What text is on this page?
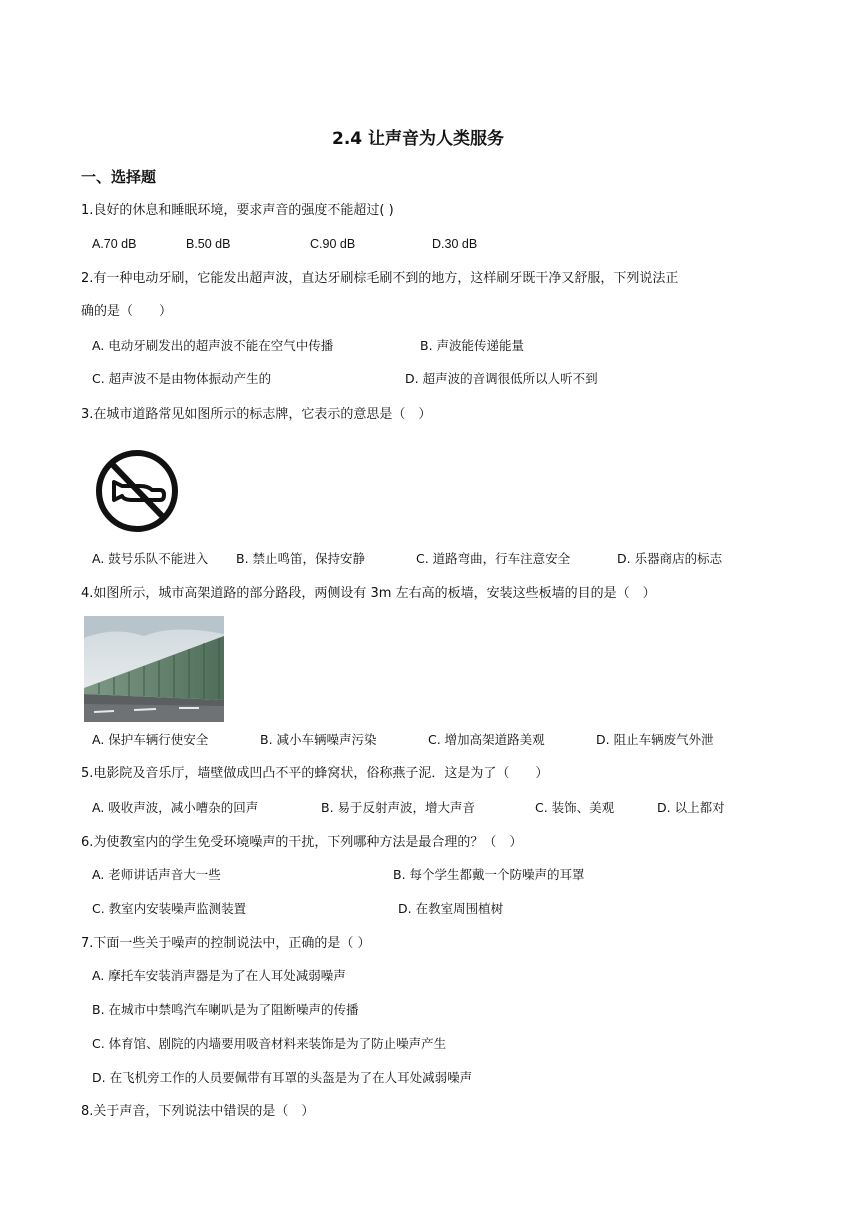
2.4 让声音为人类服务
一、选择题
1.良好的休息和睡眠环境，要求声音的强度不能超过( )
A.70 dB	B.50 dB	C.90 dB	D.30 dB
2.有一种电动牙刷，它能发出超声波，直达牙刷棕毛刷不到的地方，这样刷牙既干净又舒服，下列说法正
确的是（　　）
A. 电动牙刷发出的超声波不能在空气中传播	B. 声波能传递能量
C. 超声波不是由物体振动产生的	D. 超声波的音调很低所以人听不到
3.在城市道路常见如图所示的标志牌，它表示的意思是（　）
A. 鼓号乐队不能进入 B. 禁止鸣笛，保持安静	C. 道路弯曲，行车注意安全	D. 乐器商店的标志
4.如图所示，城市高架道路的部分路段，两侧设有 3m 左右高的板墙，安装这些板墙的目的是（　）
A. 保护车辆行使安全	B. 减小车辆噪声污染	C. 增加高架道路美观	D. 阻止车辆废气外泄
5.电影院及音乐厅，墙壁做成凹凸不平的蜂窝状，俗称燕子泥．这是为了（　　）
A. 吸收声波，减小嘈杂的回声	B. 易于反射声波，增大声音	C. 装饰、美观	D. 以上都对
6.为使教室内的学生免受环境噪声的干扰，下列哪种方法是最合理的？（　）
A. 老师讲话声音大一些	B. 每个学生都戴一个防噪声的耳罩
C. 教室内安装噪声监测装置	D. 在教室周围植树
7.下面一些关于噪声的控制说法中，正确的是（ ）
A. 摩托车安装消声器是为了在人耳处减弱噪声
B. 在城市中禁鸣汽车喇叭是为了阻断噪声的传播
C. 体育馆、剧院的内墙要用吸音材料来装饰是为了防止噪声产生
D. 在飞机旁工作的人员要佩带有耳罩的头盔是为了在人耳处减弱噪声
8.关于声音，下列说法中错误的是（　）
